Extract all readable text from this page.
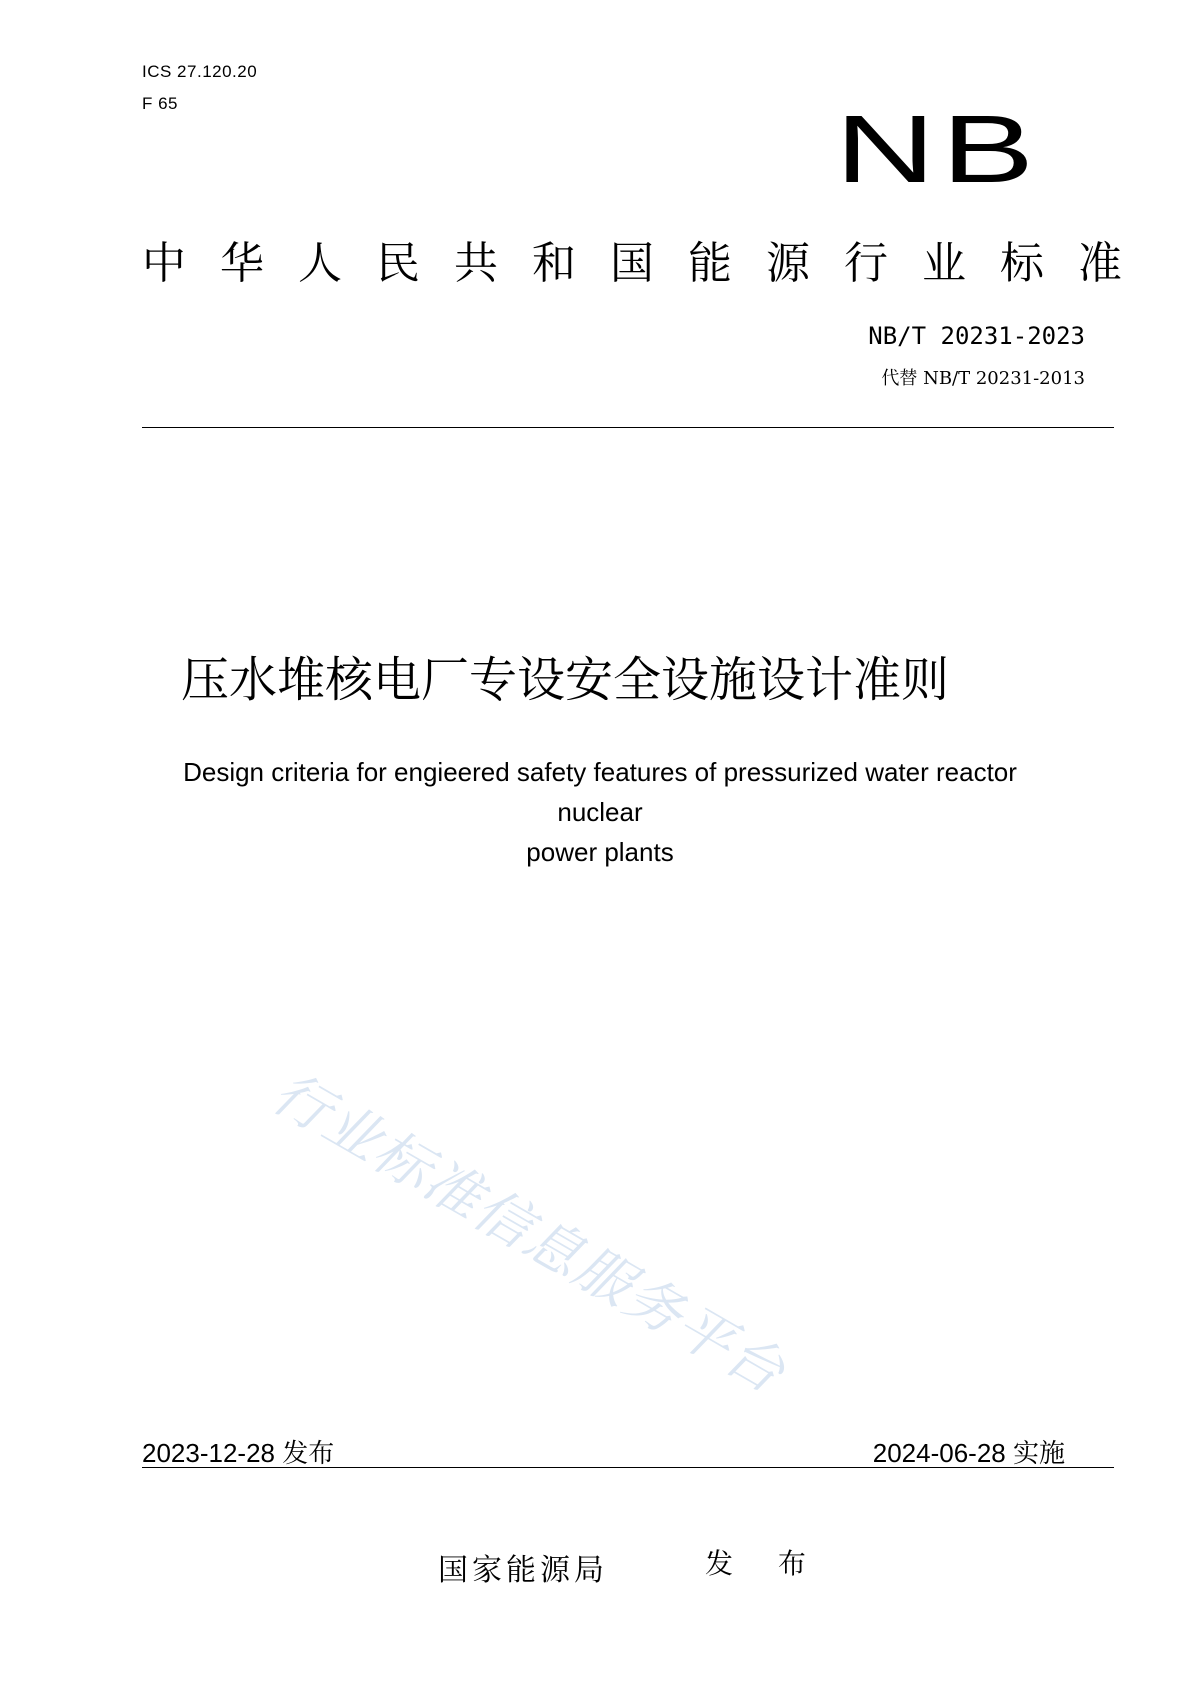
ICS 27.120.20
F 65	NB
中 华 人 民 共 和 国 能 源 行 业 标 准
NB/T 20231-2023
代替 NB/T 20231-2013
压水堆核电厂专设安全设施设计准则
Design criteria for engieered safety features of pressurized water reactor nuclear
power plants
行业标准信息服务平台
2023-12-28 发布	2024-06-28 实施
国家能源局	发 布
